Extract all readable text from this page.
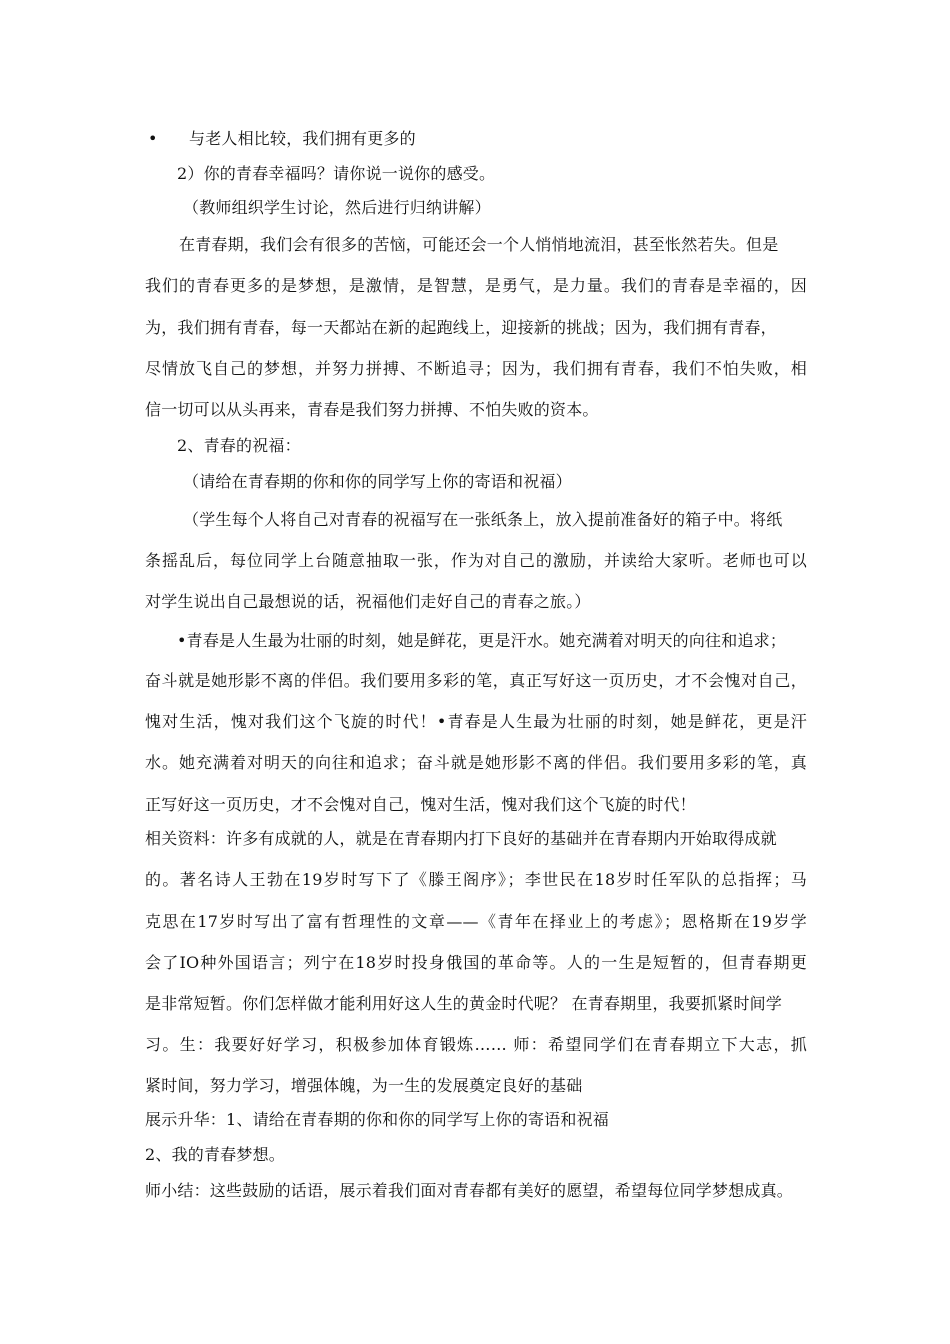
• 与老人相比较，我们拥有更多的
2）你的青春幸福吗？请你说一说你的感受。
（教师组织学生讨论，然后进行归纳讲解）
在青春期，我们会有很多的苦恼，可能还会一个人悄悄地流泪，甚至怅然若失。但是
我们的青春更多的是梦想，是激情，是智慧，是勇气，是力量。我们的青春是幸福的，因
为，我们拥有青春，每一天都站在新的起跑线上，迎接新的挑战；因为，我们拥有青春，
尽情放飞自己的梦想，并努力拼搏、不断追寻；因为，我们拥有青春，我们不怕失败，相
信一切可以从头再来，青春是我们努力拼搏、不怕失败的资本。
2、青春的祝福：
（请给在青春期的你和你的同学写上你的寄语和祝福）
（学生每个人将自己对青春的祝福写在一张纸条上，放入提前准备好的箱子中。将纸
条摇乱后，每位同学上台随意抽取一张，作为对自己的激励，并读给大家听。老师也可以
对学生说出自己最想说的话，祝福他们走好自己的青春之旅。）
•青春是人生最为壮丽的时刻，她是鲜花，更是汗水。她充满着对明天的向往和追求；
奋斗就是她形影不离的伴侣。我们要用多彩的笔，真正写好这一页历史，才不会愧对自己，
愧对生活，愧对我们这个飞旋的时代！•青春是人生最为壮丽的时刻，她是鲜花，更是汗
水。她充满着对明天的向往和追求；奋斗就是她形影不离的伴侣。我们要用多彩的笔，真
正写好这一页历史，才不会愧对自己，愧对生活，愧对我们这个飞旋的时代！
相关资料：许多有成就的人，就是在青春期内打下良好的基础并在青春期内开始取得成就
的。著名诗人王勃在19岁时写下了《滕王阁序》；李世民在18岁时任军队的总指挥；马
克思在17岁时写出了富有哲理性的文章——《青年在择业上的考虑》；恩格斯在19岁学
会了IO种外国语言；列宁在18岁时投身俄国的革命等。人的一生是短暂的，但青春期更
是非常短暂。你们怎样做才能利用好这人生的黄金时代呢？ 在青春期里，我要抓紧时间学
习。生：我要好好学习，积极参加体育锻炼…… 师：希望同学们在青春期立下大志，抓
紧时间，努力学习，增强体魄，为一生的发展奠定良好的基础
展示升华：1、请给在青春期的你和你的同学写上你的寄语和祝福
2、我的青春梦想。
师小结：这些鼓励的话语，展示着我们面对青春都有美好的愿望，希望每位同学梦想成真。
